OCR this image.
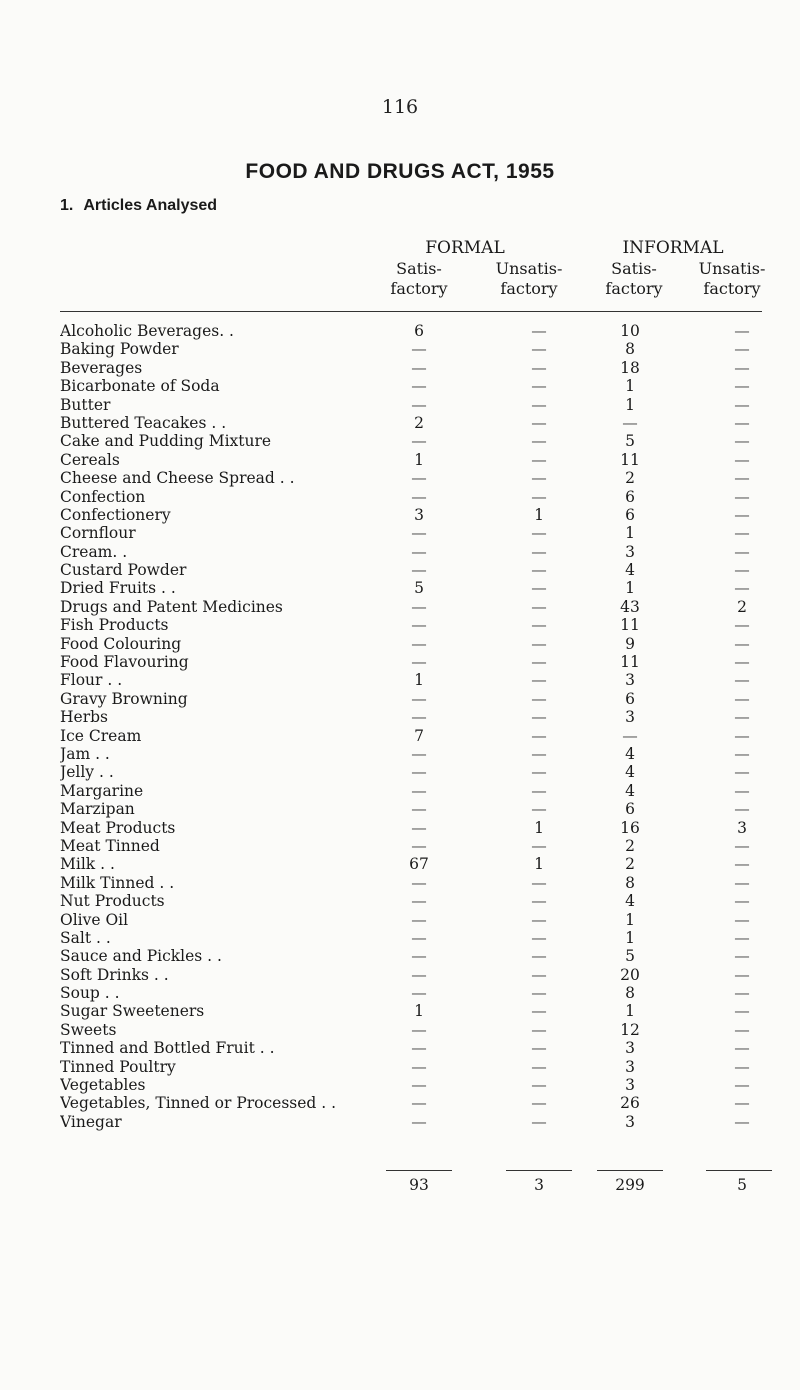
116
FOOD AND DRUGS ACT, 1955
1. Articles Analysed
FORMAL	INFORMAL
Satis-
factory
Unsatis-
factory
Satis-
factory
Unsatis-
factory
Alcoholic Beverages. .	6	—	10	—
Baking Powder	—	—	8	—
Beverages	—	—	18	—
Bicarbonate of Soda	—	—	1	—
Butter	—	—	1	—
Buttered Teacakes . .	2	—	—	—
Cake and Pudding Mixture	—	—	5	—
Cereals	1	—	11	—
Cheese and Cheese Spread . .	—	—	2	—
Confection	—	—	6	—
Confectionery	3	1	6	—
Cornflour	—	—	1	—
Cream. .	—	—	3	—
Custard Powder	—	—	4	—
Dried Fruits . .	5	—	1	—
Drugs and Patent Medicines	—	—	43	2
Fish Products	—	—	11	—
Food Colouring	—	—	9	—
Food Flavouring	—	—	11	—
Flour . .	1	—	3	—
Gravy Browning	—	—	6	—
Herbs	—	—	3	—
Ice Cream	7	—	—	—
Jam . .	—	—	4	—
Jelly . .	—	—	4	—
Margarine	—	—	4	—
Marzipan	—	—	6	—
Meat Products	—	1	16	3
Meat Tinned	—	—	2	—
Milk . .	67	1	2	—
Milk Tinned . .	—	—	8	—
Nut Products	—	—	4	—
Olive Oil	—	—	1	—
Salt . .	—	—	1	—
Sauce and Pickles . .	—	—	5	—
Soft Drinks . .	—	—	20	—
Soup . .	—	—	8	—
Sugar Sweeteners	1	—	1	—
Sweets	—	—	12	—
Tinned and Bottled Fruit . .	—	—	3	—
Tinned Poultry	—	—	3	—
Vegetables	—	—	3	—
Vegetables, Tinned or Processed . .	—	—	26	—
Vinegar	—	—	3	—
93	3	299	5
